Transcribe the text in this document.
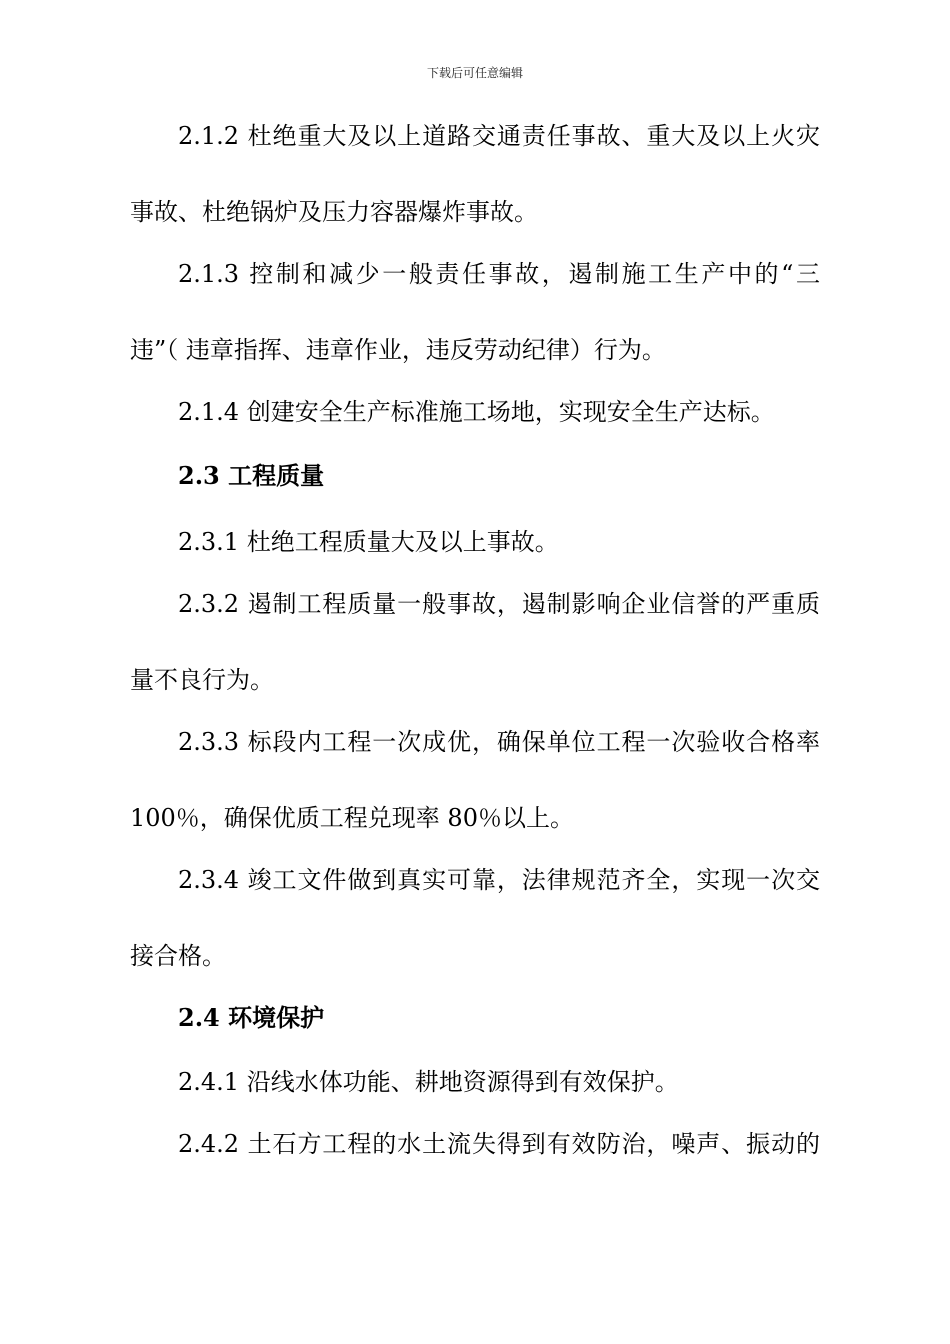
下载后可任意编辑
2.1.2 杜绝重大及以上道路交通责任事故、重大及以上火灾
事故、杜绝锅炉及压力容器爆炸事故。
2.1.3 控制和减少一般责任事故，遏制施工生产中的“三
违”（ 违章指挥、违章作业，违反劳动纪律）行为。
2.1.4 创建安全生产标准施工场地，实现安全生产达标。
2.3 工程质量
2.3.1 杜绝工程质量大及以上事故。
2.3.2 遏制工程质量一般事故，遏制影响企业信誉的严重质
量不良行为。
2.3.3 标段内工程一次成优，确保单位工程一次验收合格率
100％，确保优质工程兑现率 80％以上。
2.3.4 竣工文件做到真实可靠，法律规范齐全，实现一次交
接合格。
2.4 环境保护
2.4.1 沿线水体功能、耕地资源得到有效保护。
2.4.2 土石方工程的水土流失得到有效防治，噪声、振动的
